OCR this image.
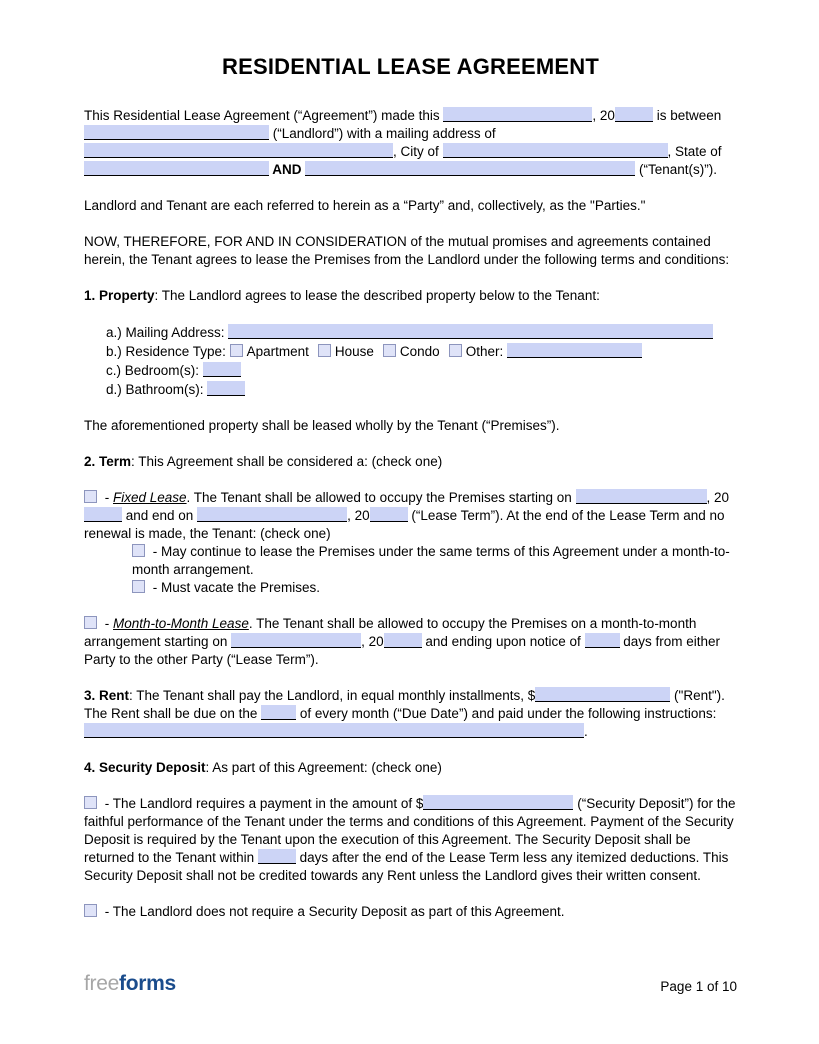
RESIDENTIAL LEASE AGREEMENT

This Residential Lease Agreement (“Agreement”) made this	, 20	is between  (“Landlord”) with a mailing address of , City of	, State of  AND	(“Tenant(s)”).

Landlord and Tenant are each referred to herein as a “Party” and, collectively, as the "Parties."

NOW, THEREFORE, FOR AND IN CONSIDERATION of the mutual promises and agreements contained herein, the Tenant agrees to lease the Premises from the Landlord under the following terms and conditions:

1. Property: The Landlord agrees to lease the described property below to the Tenant:

a.) Mailing Address:
b.) Residence Type: Apartment House Condo Other:
c.) Bedroom(s):
d.) Bathroom(s):

The aforementioned property shall be leased wholly by the Tenant (“Premises”).

2. Term: This Agreement shall be considered a: (check one)

- Fixed Lease. The Tenant shall be allowed to occupy the Premises starting on	, 20 and end on	, 20	(“Lease Term”). At the end of the Lease Term and no renewal is made, the Tenant: (check one)
- May continue to lease the Premises under the same terms of this Agreement under a month-to-month arrangement.
- Must vacate the Premises.

- Month-to-Month Lease. The Tenant shall be allowed to occupy the Premises on a month-to-month arrangement starting on	, 20	and ending upon notice of	days from either Party to the other Party (“Lease Term”).

3. Rent: The Tenant shall pay the Landlord, in equal monthly installments, $	("Rent"). The Rent shall be due on the	of every month (“Due Date”) and paid under the following instructions: .

4. Security Deposit: As part of this Agreement: (check one)

- The Landlord requires a payment in the amount of $	(“Security Deposit”) for the faithful performance of the Tenant under the terms and conditions of this Agreement. Payment of the Security Deposit is required by the Tenant upon the execution of this Agreement. The Security Deposit shall be returned to the Tenant within	days after the end of the Lease Term less any itemized deductions. This Security Deposit shall not be credited towards any Rent unless the Landlord gives their written consent.

- The Landlord does not require a Security Deposit as part of this Agreement.

freeforms	Page 1 of 10
